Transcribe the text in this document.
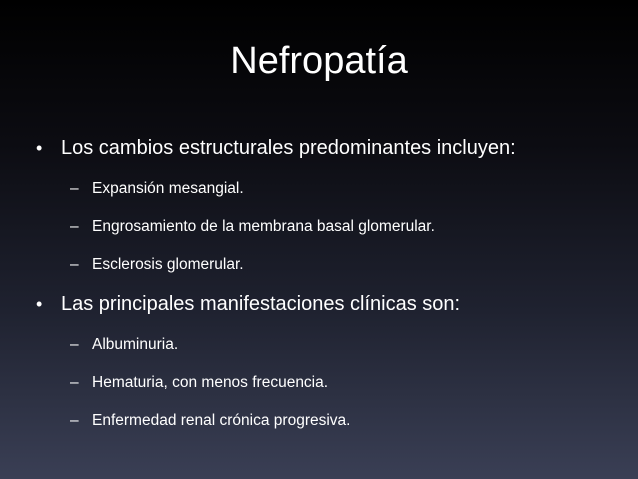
Nefropatía
• Los cambios estructurales predominantes incluyen:
– Expansión mesangial.
– Engrosamiento de la membrana basal glomerular.
– Esclerosis glomerular.
• Las principales manifestaciones clínicas son:
– Albuminuria.
– Hematuria, con menos frecuencia.
– Enfermedad renal crónica progresiva.
